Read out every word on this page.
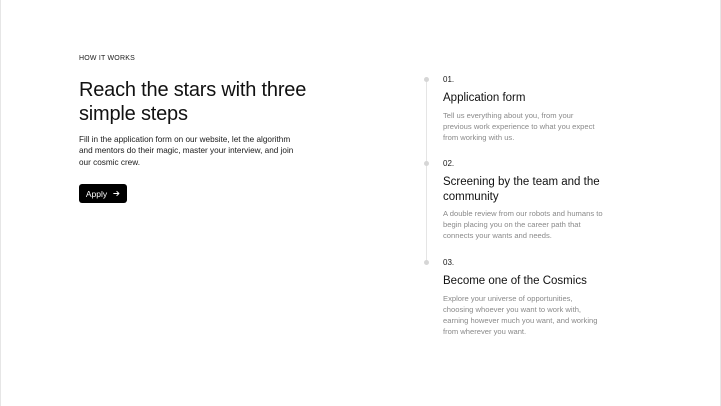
HOW IT WORKS

Reach the stars with three simple steps

Fill in the application form on our website, let the algorithm and mentors do their magic, master your interview, and join our cosmic crew.

Apply

01.

Application form

Tell us everything about you, from your previous work experience to what you expect from working with us.

02.

Screening by the team and the community

A double review from our robots and humans to begin placing you on the career path that connects your wants and needs.

03.

Become one of the Cosmics

Explore your universe of opportunities, choosing whoever you want to work with, earning however much you want, and working from wherever you want.
